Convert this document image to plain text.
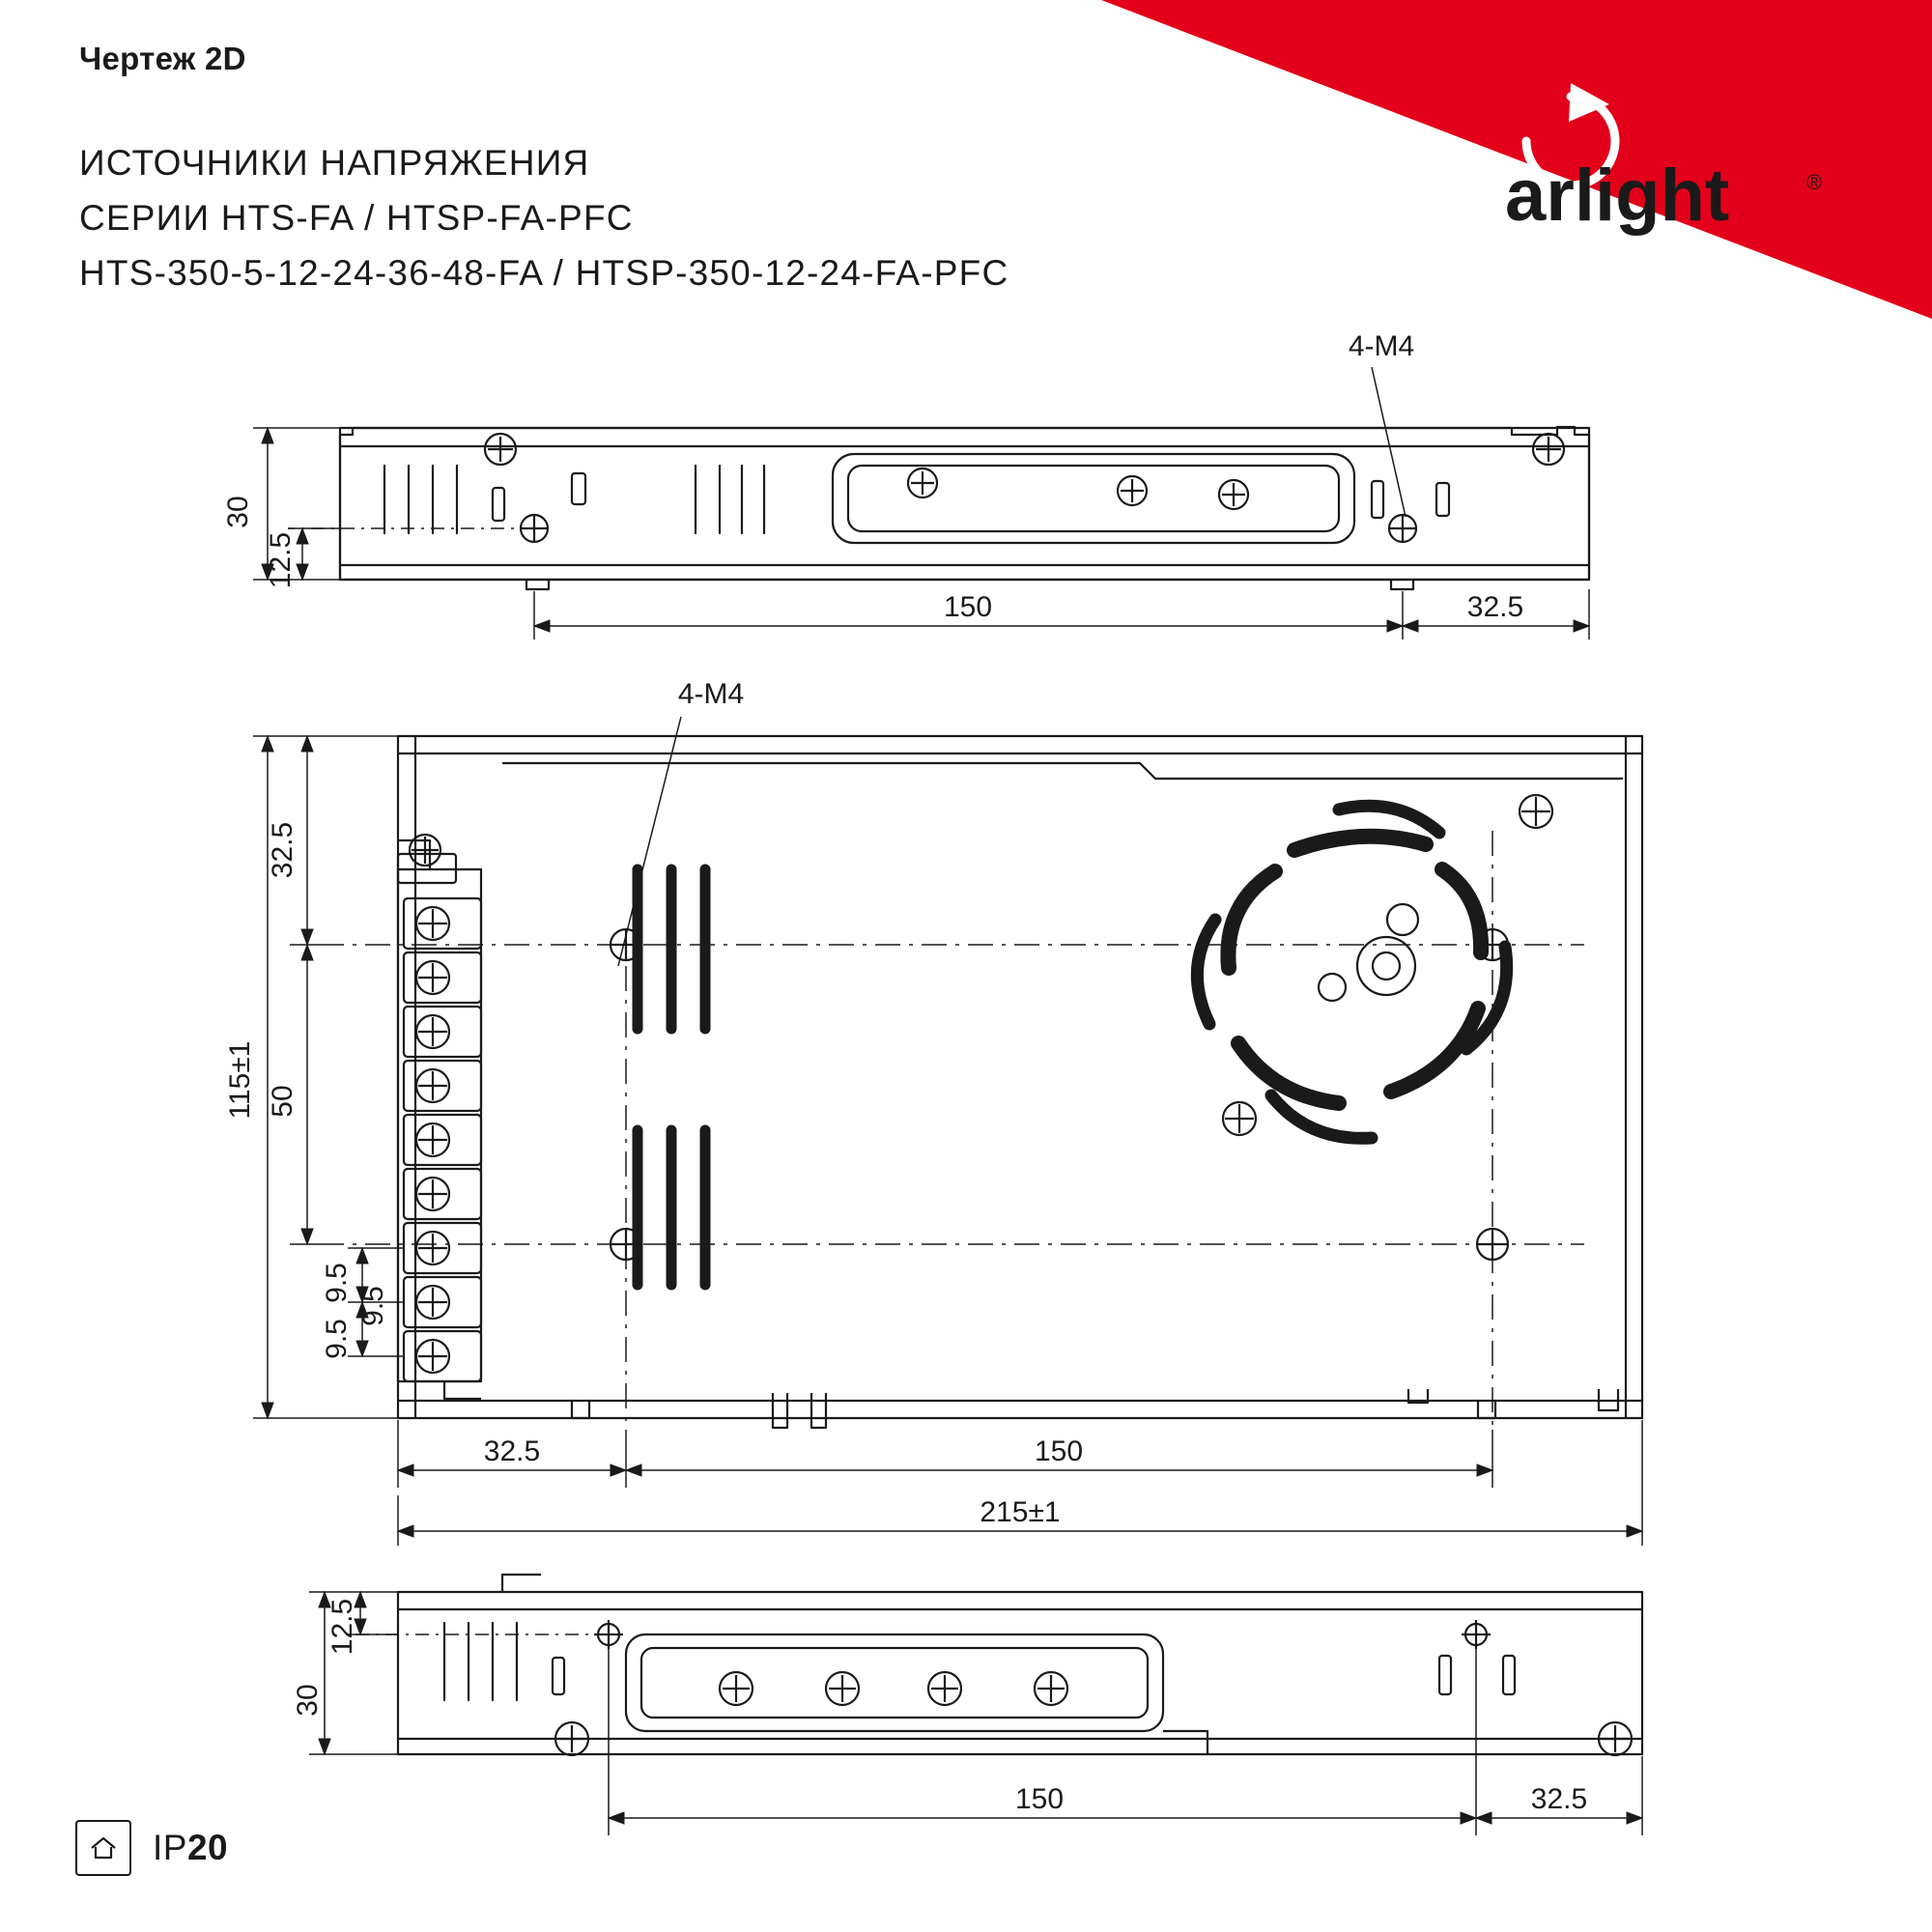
arlight	®
Чертеж 2D
ИСТОЧНИКИ НАПРЯЖЕНИЯ
СЕРИИ HTS-FA / HTSP-FA-PFC
HTS-350-5-12-24-36-48-FA / HTSP-350-12-24-FA-PFC
30
12.5
150	32.5
4-M4
115±1
32.5
50
9.5
9.5
9.5
32.5	150
215±1
4-M4
12.5
30
150	32.5
IP20
